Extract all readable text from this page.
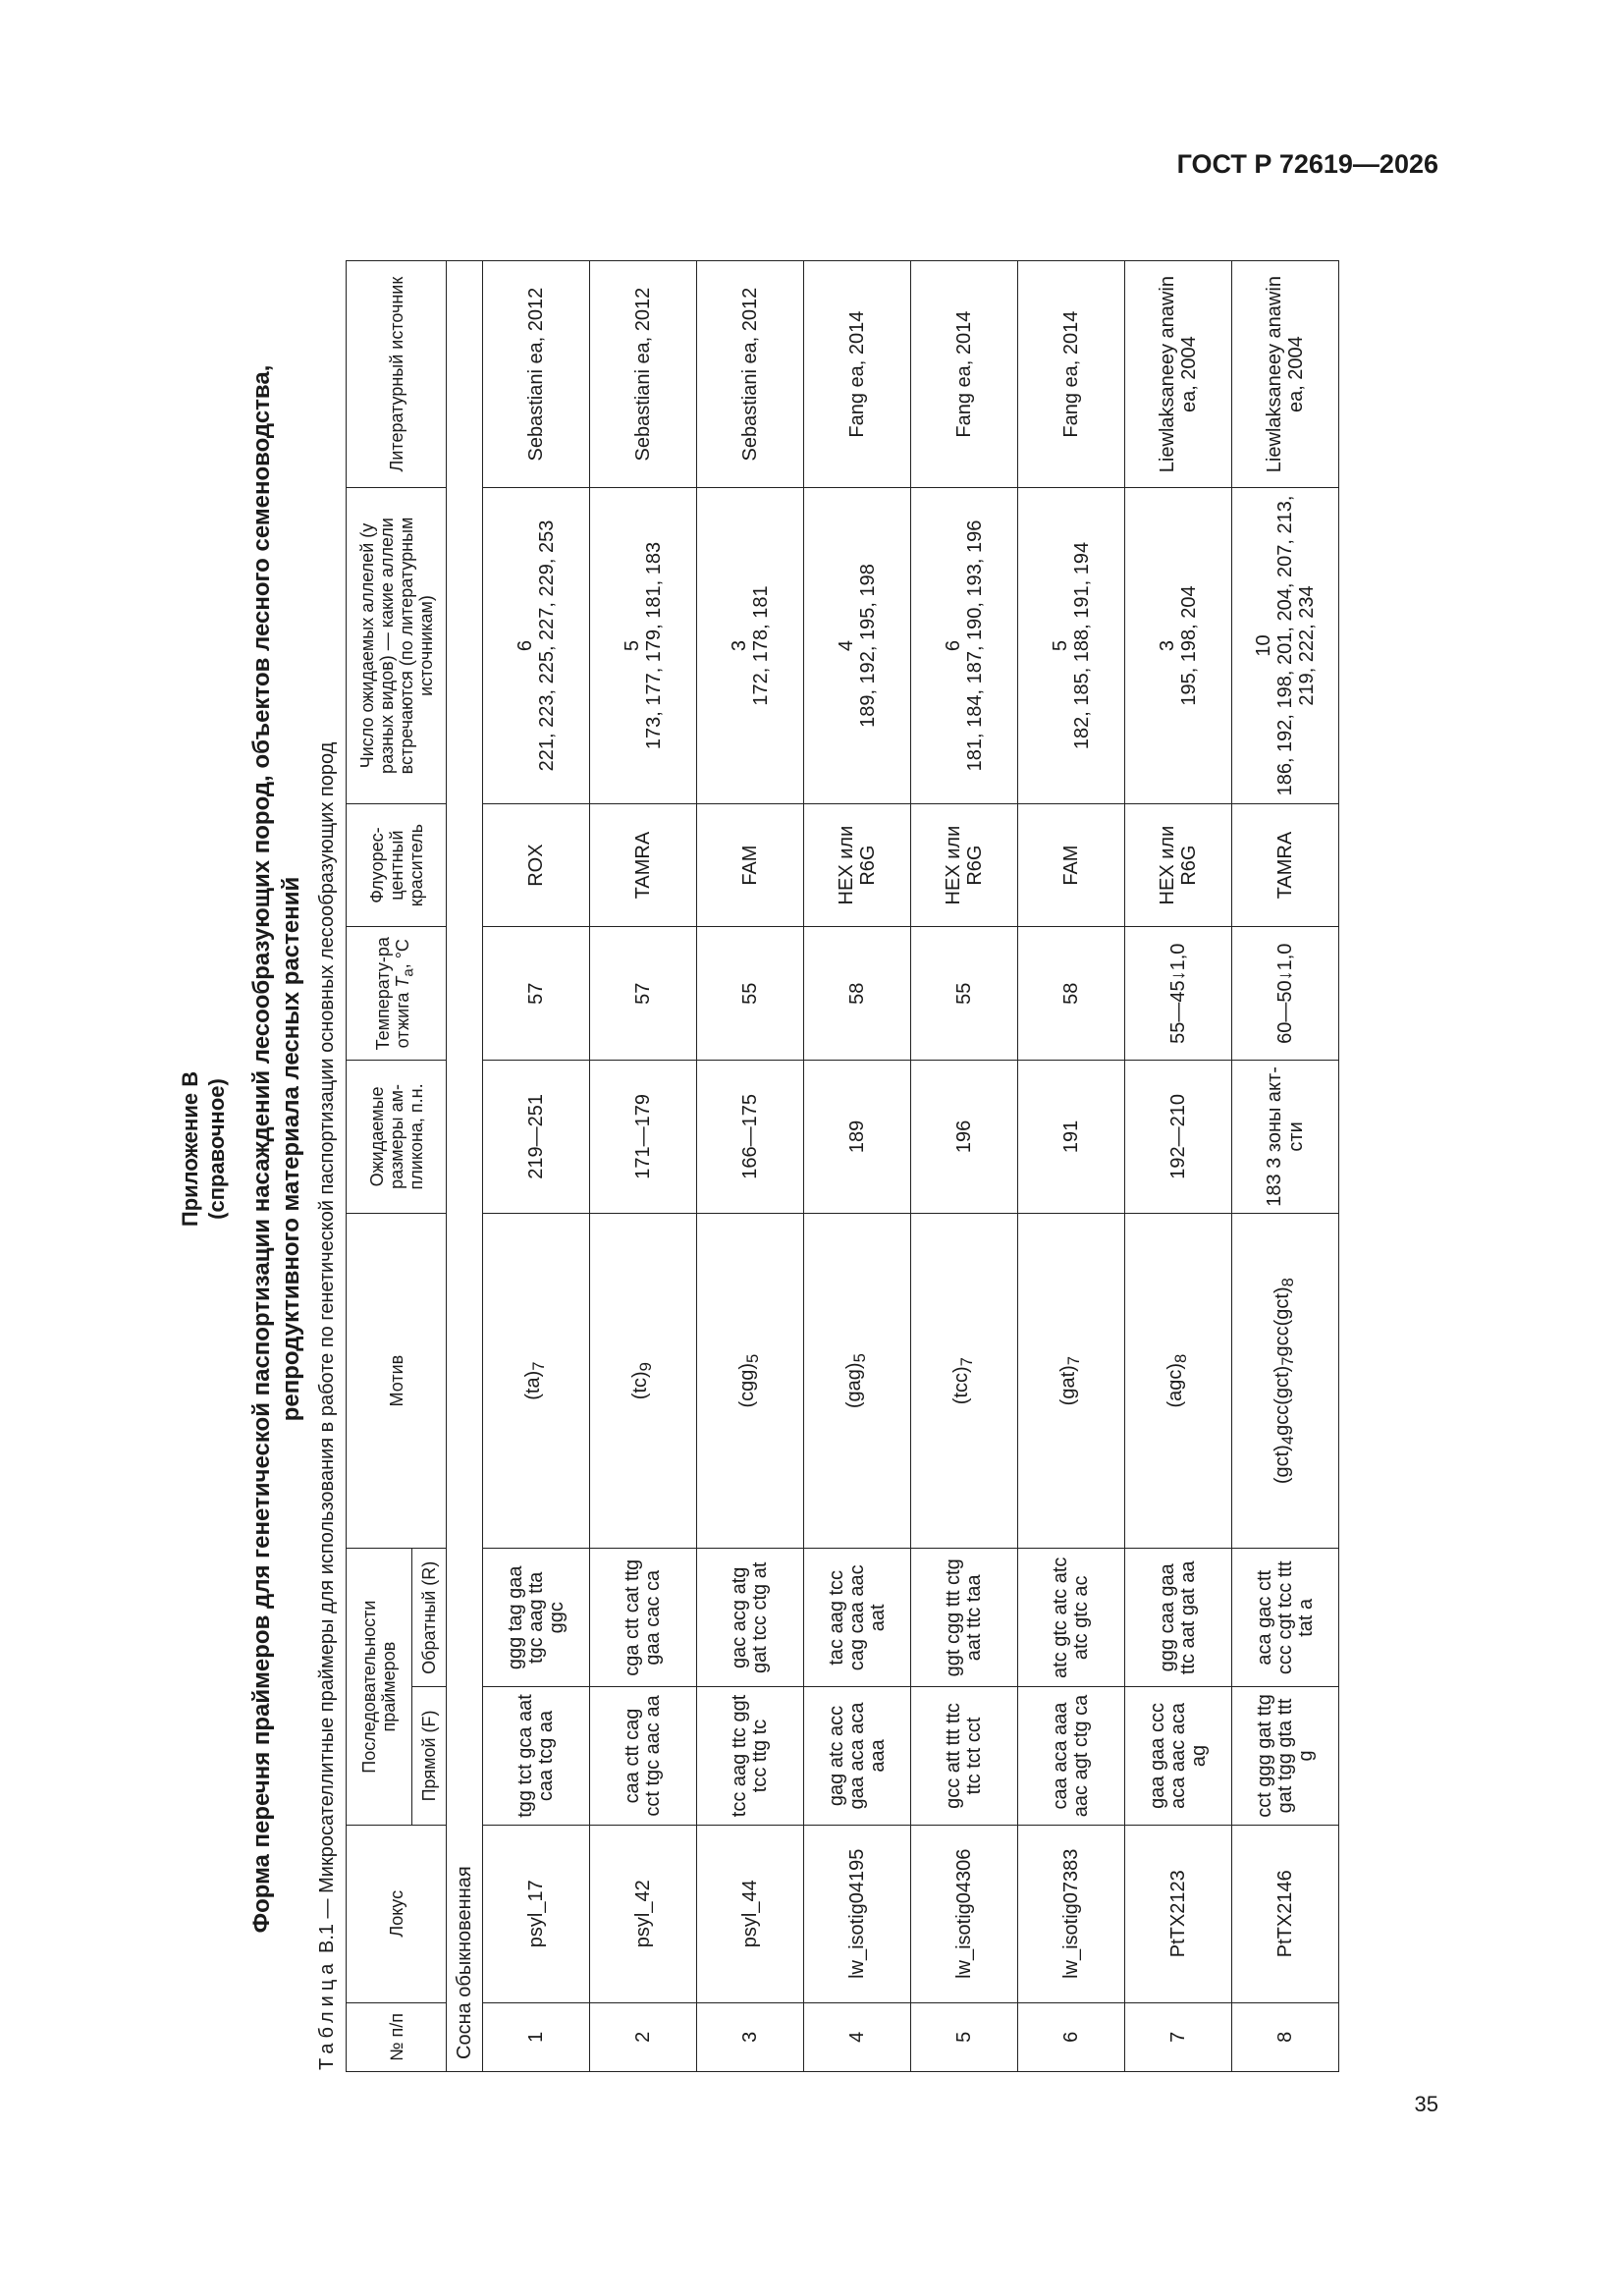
ГОСТ Р 72619—2026
35
Приложение В (справочное) Форма перечня праймеров для генетической паспортизации насаждений лесообразующих пород, объектов лесного семеноводства, репродуктивного материала лесных растений
Таблица В.1 — Микросателлитные праймеры для использования в работе по генетической паспортизации основных лесообразующих пород
№ п/п	Локус	Последовательности праймеров		Мотив	Ожидаемые размеры ам-пликона, п.н.	Температу-ра отжига $T_a$, °С	Флуорес-центный краситель	Число ожидаемых аллелей (у разных видов) — какие аллели встречаются (по литературным источникам)	Литературный источник
		Прямой (F)	Обратный (R)						
Сосна обыкновенная									
1	psyl_17	tgg tct gca aat caa tcg aa	ggg tag gaa tgc aag tta ggc	$(ta)_7$	219—251	57	ROX	6 221, 223, 225, 227, 229, 253	Sebastiani ea, 2012
2	psyl_42	caa ctt cag cct tgc aac aa	cga ctt cat ttg gaa cac ca	$(tc)_9$	171—179	57	TAMRA	5 173, 177, 179, 181, 183	Sebastiani ea, 2012
3	psyl_44	tcc aag ttc ggt tcc ttg tc	gac acg atg gat tcc ctg at	$(cgg)_5$	166—175	55	FAM	3 172, 178, 181	Sebastiani ea, 2012
4	lw_isotig04195	gag atc acc gaa aca aca aaa	tac aag tcc cag caa aac aat	$(gag)_5$	189	58	HEX или R6G	4 189, 192, 195, 198	Fang ea, 2014
5	lw_isotig04306	gcc att ttt ttc ttc tct cct	ggt cgg ttt ctg aat ttc taa	$(tcc)_7$	196	55	HEX или R6G	6 181, 184, 187, 190, 193, 196	Fang ea, 2014
6	lw_isotig07383	caa aca aaa aac agt ctg ca	atc gtc atc atc atc gtc ac	$(gat)_7$	191	58	FAM	5 182, 185, 188, 191, 194	Fang ea, 2014
7	PtTX2123	gaa gaa ccc aca aac aca ag	ggg caa gaa ttc aat gat aa	$(agc)_8$	192—210	55—45↓1,0	HEX или R6G	3 195, 198, 204	Liewlaksaneey anawin ea, 2004
8	PtTX2146	cct ggg gat ttg gat tgg gta ttt g	aca gac ctt ccc cgt tcc ttt tat a	$(gct)_4gcc(gct)_7gcc(gct)_8$	183 3 зоны акт-сти	60—50↓1,0	TAMRA	10 186, 192, 198, 201, 204, 207, 213, 219, 222, 234	Liewlaksaneey anawin ea, 2004
